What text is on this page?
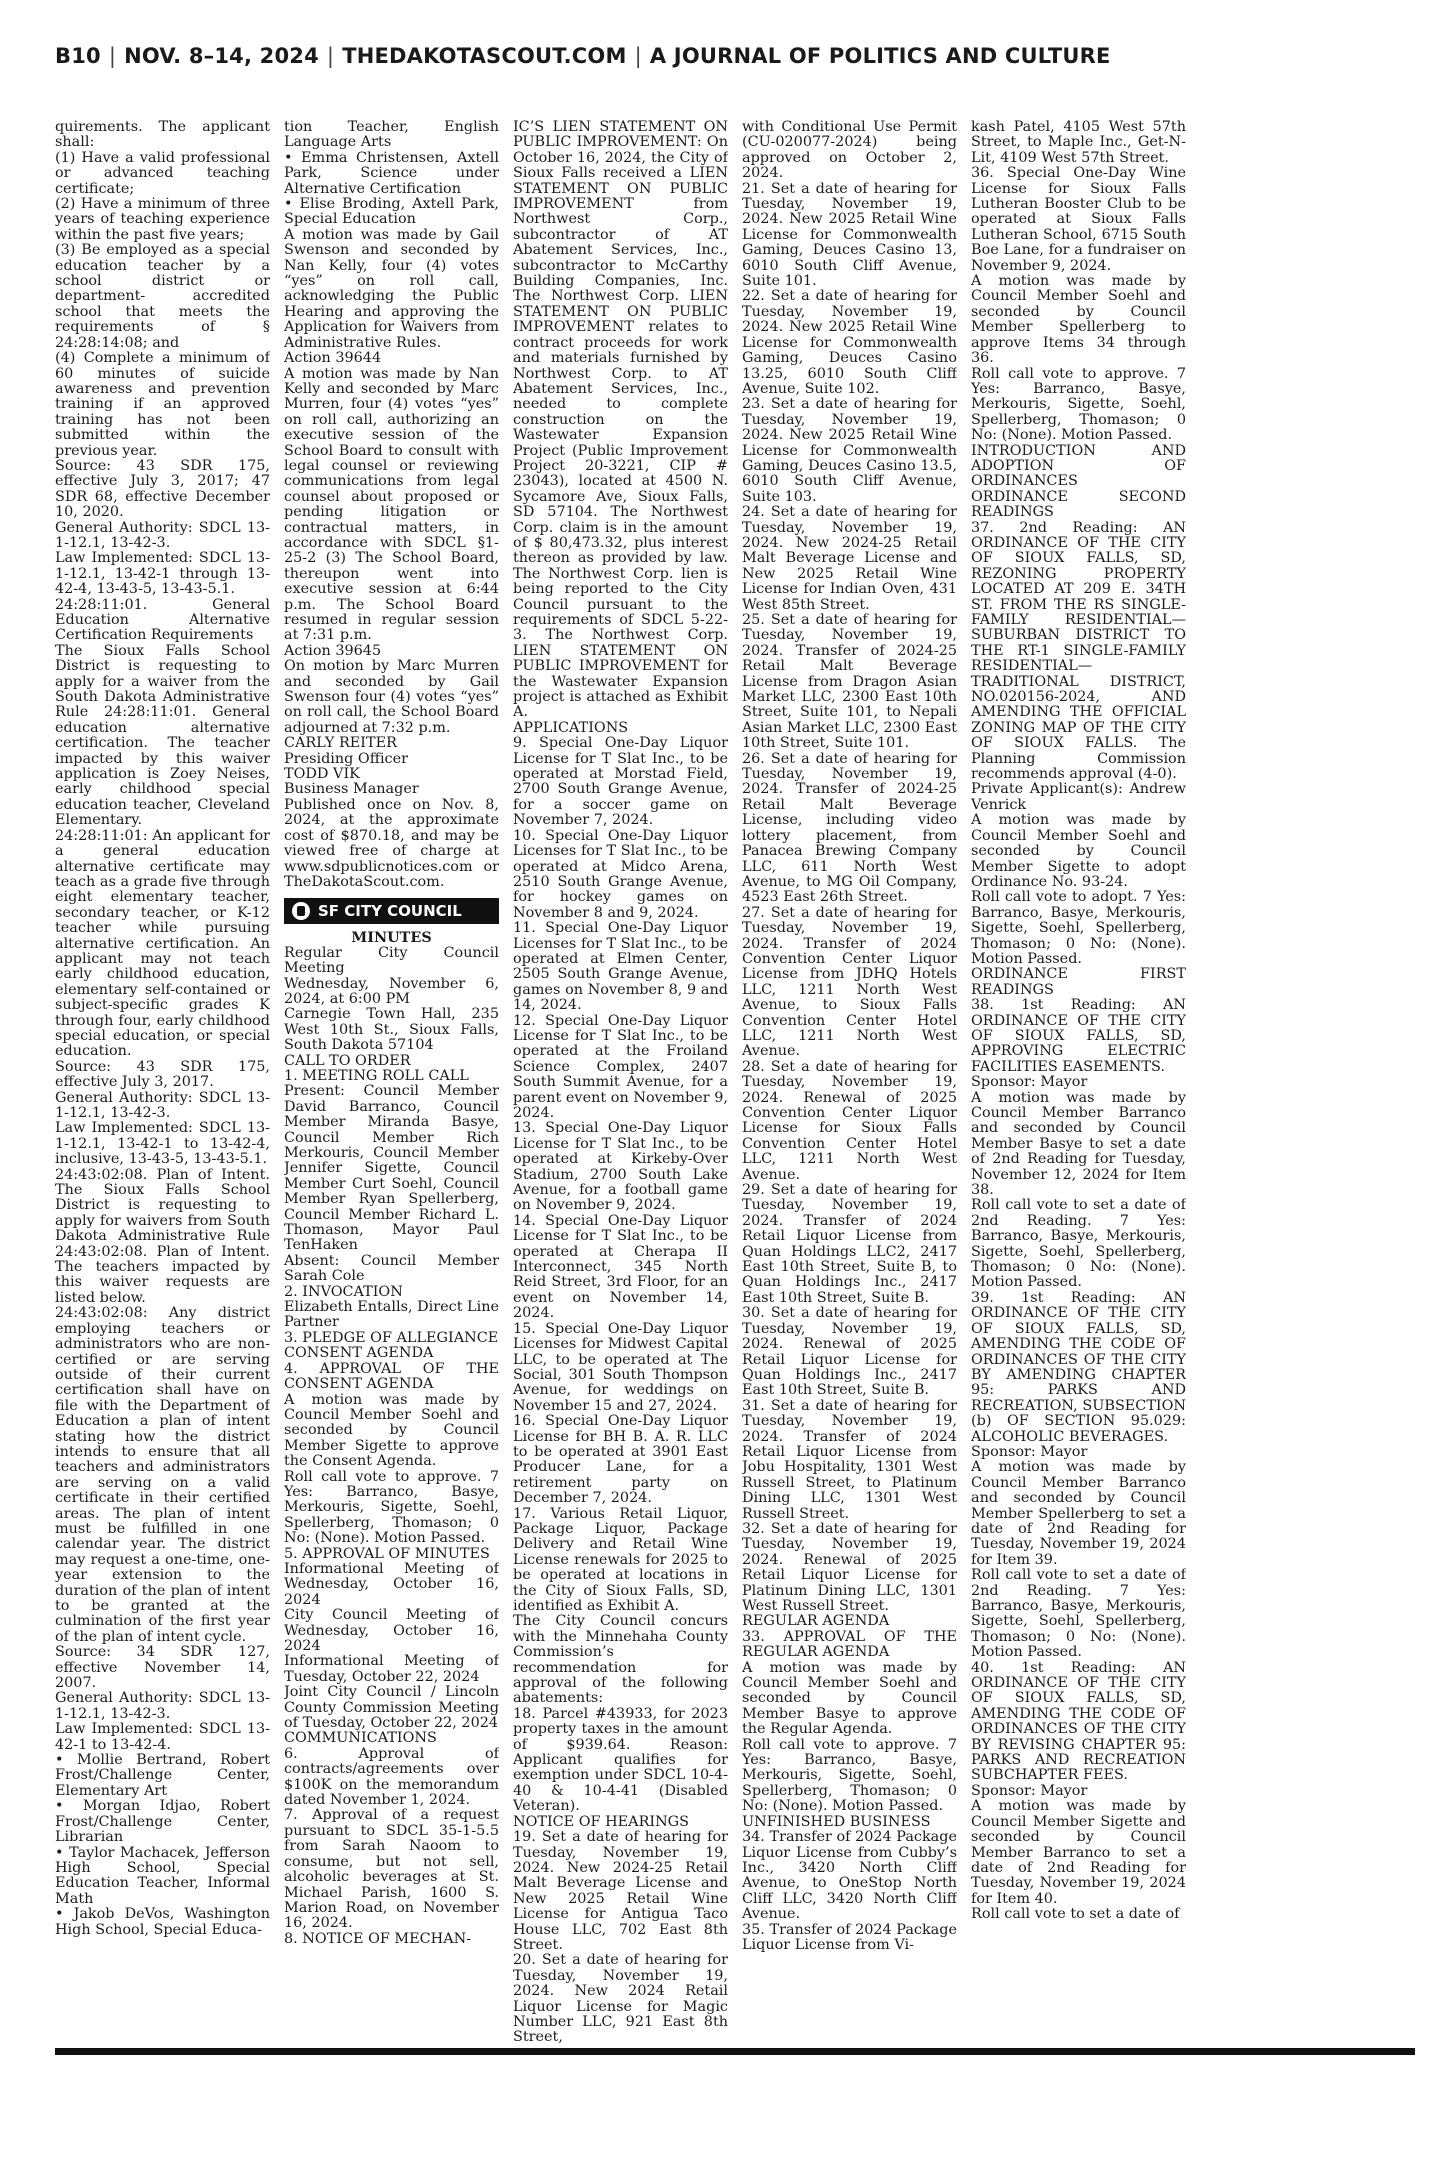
B10 | NOV. 8–14, 2024 | THEDAKOTASCOUT.COM | A JOURNAL OF POLITICS AND CULTURE

quirements. The applicant shall:

(1) Have a valid professional or advanced teaching certificate;

(2) Have a minimum of three years of teaching experience within the past five years;

(3) Be employed as a special education teacher by a school district or department- accredited school that meets the requirements of § 24:28:14:08; and

(4) Complete a minimum of 60 minutes of suicide awareness and prevention training if an approved training has not been submitted within the previous year.

Source: 43 SDR 175, effective July 3, 2017; 47 SDR 68, effective December 10, 2020.

General Authority: SDCL 13-1-12.1, 13-42-3.

Law Implemented: SDCL 13-1-12.1, 13-42-1 through 13-42-4, 13-43-5, 13-43-5.1.

24:28:11:01. General Education Alternative Certification Requirements

The Sioux Falls School District is requesting to apply for a waiver from the South Dakota Administrative Rule 24:28:11:01. General education alternative certification. The teacher impacted by this waiver application is Zoey Neises, early childhood special education teacher, Cleveland Elementary.

24:28:11:01: An applicant for a general education alternative certificate may teach as a grade five through eight elementary teacher, secondary teacher, or K-12 teacher while pursuing alternative certification. An applicant may not teach early childhood education, elementary self-contained or subject-specific grades K through four, early childhood special education, or special education.

Source: 43 SDR 175, effective July 3, 2017.

General Authority: SDCL 13-1-12.1, 13-42-3.

Law Implemented: SDCL 13-1-12.1, 13-42-1 to 13-42-4, inclusive, 13-43-5, 13-43-5.1.

24:43:02:08. Plan of Intent. The Sioux Falls School District is requesting to apply for waivers from South Dakota Administrative Rule 24:43:02:08. Plan of Intent. The teachers impacted by this waiver requests are listed below.

24:43:02:08: Any district employing teachers or administrators who are non-certified or are serving outside of their current certification shall have on file with the Department of Education a plan of intent stating how the district intends to ensure that all teachers and administrators are serving on a valid certificate in their certified areas. The plan of intent must be fulfilled in one calendar year. The district may request a one-time, one-year extension to the duration of the plan of intent to be granted at the culmination of the first year of the plan of intent cycle.

Source: 34 SDR 127, effective November 14, 2007.

General Authority: SDCL 13-1-12.1, 13-42-3.

Law Implemented: SDCL 13-42-1 to 13-42-4.

• Mollie Bertrand, Robert Frost/Challenge Center, Elementary Art

• Morgan Idjao, Robert Frost/Challenge Center, Librarian

• Taylor Machacek, Jefferson High School, Special Education Teacher, Informal Math

• Jakob DeVos, Washington High School, Special Educa-

tion Teacher, English Language Arts

• Emma Christensen, Axtell Park, Science under Alternative Certification

• Elise Broding, Axtell Park, Special Education

A motion was made by Gail Swenson and seconded by Nan Kelly, four (4) votes “yes” on roll call, acknowledging the Public Hearing and approving the Application for Waivers from Administrative Rules.

Action 39644

A motion was made by Nan Kelly and seconded by Marc Murren, four (4) votes “yes” on roll call, authorizing an executive session of the School Board to consult with legal counsel or reviewing communications from legal counsel about proposed or pending litigation or contractual matters, in accordance with SDCL §1-25-2 (3) The School Board, thereupon went into executive session at 6:44 p.m. The School Board resumed in regular session at 7:31 p.m.

Action 39645

On motion by Marc Murren and seconded by Gail Swenson four (4) votes “yes” on roll call, the School Board adjourned at 7:32 p.m.

CARLY REITER

Presiding Officer

TODD VIK

Business Manager

Published once on Nov. 8, 2024, at the approximate cost of $870.18, and may be viewed free of charge at www.sdpublicnotices.com or TheDakotaScout.com.

SF CITY COUNCIL

MINUTES

Regular City Council Meeting

Wednesday, November 6, 2024, at 6:00 PM

Carnegie Town Hall, 235 West 10th St., Sioux Falls, South Dakota 57104

CALL TO ORDER

1. MEETING ROLL CALL

Present: Council Member David Barranco, Council Member Miranda Basye, Council Member Rich Merkouris, Council Member Jennifer Sigette, Council Member Curt Soehl, Council Member Ryan Spellerberg, Council Member Richard L. Thomason, Mayor Paul TenHaken

Absent: Council Member Sarah Cole

2. INVOCATION

Elizabeth Entalls, Direct Line Partner

3. PLEDGE OF ALLEGIANCE

CONSENT AGENDA

4. APPROVAL OF THE CONSENT AGENDA

A motion was made by Council Member Soehl and seconded by Council Member Sigette to approve the Consent Agenda.

Roll call vote to approve. 7 Yes: Barranco, Basye, Merkouris, Sigette, Soehl, Spellerberg, Thomason; 0 No: (None). Motion Passed.

5. APPROVAL OF MINUTES

Informational Meeting of Wednesday, October 16, 2024

City Council Meeting of Wednesday, October 16, 2024

Informational Meeting of Tuesday, October 22, 2024

Joint City Council / Lincoln County Commission Meeting of Tuesday, October 22, 2024

COMMUNICATIONS

6. Approval of contracts/agreements over $100K on the memorandum dated November 1, 2024.

7. Approval of a request pursuant to SDCL 35-1-5.5 from Sarah Naoom to consume, but not sell, alcoholic beverages at St. Michael Parish, 1600 S. Marion Road, on November 16, 2024.

8. NOTICE OF MECHAN-

IC’S LIEN STATEMENT ON PUBLIC IMPROVEMENT: On October 16, 2024, the City of Sioux Falls received a LIEN STATEMENT ON PUBLIC IMPROVEMENT from Northwest Corp., subcontractor of AT Abatement Services, Inc., subcontractor to McCarthy Building Companies, Inc. The Northwest Corp. LIEN STATEMENT ON PUBLIC IMPROVEMENT relates to contract proceeds for work and materials furnished by Northwest Corp. to AT Abatement Services, Inc., needed to complete construction on the Wastewater Expansion Project (Public Improvement Project 20-3221, CIP # 23043), located at 4500 N. Sycamore Ave, Sioux Falls, SD 57104. The Northwest Corp. claim is in the amount of $ 80,473.32, plus interest thereon as provided by law. The Northwest Corp. lien is being reported to the City Council pursuant to the requirements of SDCL 5-22-3. The Northwest Corp. LIEN STATEMENT ON PUBLIC IMPROVEMENT for the Wastewater Expansion project is attached as Exhibit A.

APPLICATIONS

9. Special One-Day Liquor License for T Slat Inc., to be operated at Morstad Field, 2700 South Grange Avenue, for a soccer game on November 7, 2024.

10. Special One-Day Liquor Licenses for T Slat Inc., to be operated at Midco Arena, 2510 South Grange Avenue, for hockey games on November 8 and 9, 2024.

11. Special One-Day Liquor Licenses for T Slat Inc., to be operated at Elmen Center, 2505 South Grange Avenue, games on November 8, 9 and 14, 2024.

12. Special One-Day Liquor License for T Slat Inc., to be operated at the Froiland Science Complex, 2407 South Summit Avenue, for a parent event on November 9, 2024.

13. Special One-Day Liquor License for T Slat Inc., to be operated at Kirkeby-Over Stadium, 2700 South Lake Avenue, for a football game on November 9, 2024.

14. Special One-Day Liquor License for T Slat Inc., to be operated at Cherapa II Interconnect, 345 North Reid Street, 3rd Floor, for an event on November 14, 2024.

15. Special One-Day Liquor Licenses for Midwest Capital LLC, to be operated at The Social, 301 South Thompson Avenue, for weddings on November 15 and 27, 2024.

16. Special One-Day Liquor License for BH B. A. R. LLC to be operated at 3901 East Producer Lane, for a retirement party on December 7, 2024.

17. Various Retail Liquor, Package Liquor, Package Delivery and Retail Wine License renewals for 2025 to be operated at locations in the City of Sioux Falls, SD, identified as Exhibit A.

The City Council concurs with the Minnehaha County Commission’s recommendation for approval of the following abatements:

18. Parcel #43933, for 2023 property taxes in the amount of $939.64. Reason: Applicant qualifies for exemption under SDCL 10-4-40 & 10-4-41 (Disabled Veteran).

NOTICE OF HEARINGS

19. Set a date of hearing for Tuesday, November 19, 2024. New 2024-25 Retail Malt Beverage License and New 2025 Retail Wine License for Antigua Taco House LLC, 702 East 8th Street.

20. Set a date of hearing for Tuesday, November 19, 2024. New 2024 Retail Liquor License for Magic Number LLC, 921 East 8th Street,

with Conditional Use Permit (CU-020077-2024) being approved on October 2, 2024.

21. Set a date of hearing for Tuesday, November 19, 2024. New 2025 Retail Wine License for Commonwealth Gaming, Deuces Casino 13, 6010 South Cliff Avenue, Suite 101.

22. Set a date of hearing for Tuesday, November 19, 2024. New 2025 Retail Wine License for Commonwealth Gaming, Deuces Casino 13.25, 6010 South Cliff Avenue, Suite 102.

23. Set a date of hearing for Tuesday, November 19, 2024. New 2025 Retail Wine License for Commonwealth Gaming, Deuces Casino 13.5, 6010 South Cliff Avenue, Suite 103.

24. Set a date of hearing for Tuesday, November 19, 2024. New 2024-25 Retail Malt Beverage License and New 2025 Retail Wine License for Indian Oven, 431 West 85th Street.

25. Set a date of hearing for Tuesday, November 19, 2024. Transfer of 2024-25 Retail Malt Beverage License from Dragon Asian Market LLC, 2300 East 10th Street, Suite 101, to Nepali Asian Market LLC, 2300 East 10th Street, Suite 101.

26. Set a date of hearing for Tuesday, November 19, 2024. Transfer of 2024-25 Retail Malt Beverage License, including video lottery placement, from Panacea Brewing Company LLC, 611 North West Avenue, to MG Oil Company, 4523 East 26th Street.

27. Set a date of hearing for Tuesday, November 19, 2024. Transfer of 2024 Convention Center Liquor License from JDHQ Hotels LLC, 1211 North West Avenue, to Sioux Falls Convention Center Hotel LLC, 1211 North West Avenue.

28. Set a date of hearing for Tuesday, November 19, 2024. Renewal of 2025 Convention Center Liquor License for Sioux Falls Convention Center Hotel LLC, 1211 North West Avenue.

29. Set a date of hearing for Tuesday, November 19, 2024. Transfer of 2024 Retail Liquor License from Quan Holdings LLC2, 2417 East 10th Street, Suite B, to Quan Holdings Inc., 2417 East 10th Street, Suite B.

30. Set a date of hearing for Tuesday, November 19, 2024. Renewal of 2025 Retail Liquor License for Quan Holdings Inc., 2417 East 10th Street, Suite B.

31. Set a date of hearing for Tuesday, November 19, 2024. Transfer of 2024 Retail Liquor License from Jobu Hospitality, 1301 West Russell Street, to Platinum Dining LLC, 1301 West Russell Street.

32. Set a date of hearing for Tuesday, November 19, 2024. Renewal of 2025 Retail Liquor License for Platinum Dining LLC, 1301 West Russell Street.

REGULAR AGENDA

33. APPROVAL OF THE REGULAR AGENDA

A motion was made by Council Member Soehl and seconded by Council Member Basye to approve the Regular Agenda.

Roll call vote to approve. 7 Yes: Barranco, Basye, Merkouris, Sigette, Soehl, Spellerberg, Thomason; 0 No: (None). Motion Passed.

UNFINISHED BUSINESS

34. Transfer of 2024 Package Liquor License from Cubby’s Inc., 3420 North Cliff Avenue, to OneStop North Cliff LLC, 3420 North Cliff Avenue.

35. Transfer of 2024 Package Liquor License from Vi-

kash Patel, 4105 West 57th Street, to Maple Inc., Get-N-Lit, 4109 West 57th Street.

36. Special One-Day Wine License for Sioux Falls Lutheran Booster Club to be operated at Sioux Falls Lutheran School, 6715 South Boe Lane, for a fundraiser on November 9, 2024.

A motion was made by Council Member Soehl and seconded by Council Member Spellerberg to approve Items 34 through 36.

Roll call vote to approve. 7 Yes: Barranco, Basye, Merkouris, Sigette, Soehl, Spellerberg, Thomason; 0 No: (None). Motion Passed.

INTRODUCTION AND ADOPTION OF ORDINANCES

ORDINANCE SECOND READINGS

37. 2nd Reading: AN ORDINANCE OF THE CITY OF SIOUX FALLS, SD, REZONING PROPERTY LOCATED AT 209 E. 34TH ST. FROM THE RS SINGLE-FAMILY RESIDENTIAL—SUBURBAN DISTRICT TO THE RT-1 SINGLE-FAMILY RESIDENTIAL—TRADITIONAL DISTRICT, NO.020156-2024, AND AMENDING THE OFFICIAL ZONING MAP OF THE CITY OF SIOUX FALLS. The Planning Commission recommends approval (4-0).

Private Applicant(s): Andrew Venrick

A motion was made by Council Member Soehl and seconded by Council Member Sigette to adopt Ordinance No. 93-24.

Roll call vote to adopt. 7 Yes: Barranco, Basye, Merkouris, Sigette, Soehl, Spellerberg, Thomason; 0 No: (None). Motion Passed.

ORDINANCE FIRST READINGS

38. 1st Reading: AN ORDINANCE OF THE CITY OF SIOUX FALLS, SD, APPROVING ELECTRIC FACILITIES EASEMENTS.

Sponsor: Mayor

A motion was made by Council Member Barranco and seconded by Council Member Basye to set a date of 2nd Reading for Tuesday, November 12, 2024 for Item 38.

Roll call vote to set a date of 2nd Reading. 7 Yes: Barranco, Basye, Merkouris, Sigette, Soehl, Spellerberg, Thomason; 0 No: (None). Motion Passed.

39. 1st Reading: AN ORDINANCE OF THE CITY OF SIOUX FALLS, SD, AMENDING THE CODE OF ORDINANCES OF THE CITY BY AMENDING CHAPTER 95: PARKS AND RECREATION, SUBSECTION (b) OF SECTION 95.029: ALCOHOLIC BEVERAGES.

Sponsor: Mayor

A motion was made by Council Member Barranco and seconded by Council Member Spellerberg to set a date of 2nd Reading for Tuesday, November 19, 2024 for Item 39.

Roll call vote to set a date of 2nd Reading. 7 Yes: Barranco, Basye, Merkouris, Sigette, Soehl, Spellerberg, Thomason; 0 No: (None). Motion Passed.

40. 1st Reading: AN ORDINANCE OF THE CITY OF SIOUX FALLS, SD, AMENDING THE CODE OF ORDINANCES OF THE CITY BY REVISING CHAPTER 95: PARKS AND RECREATION SUBCHAPTER FEES.

Sponsor: Mayor

A motion was made by Council Member Sigette and seconded by Council Member Barranco to set a date of 2nd Reading for Tuesday, November 19, 2024 for Item 40.

Roll call vote to set a date of
